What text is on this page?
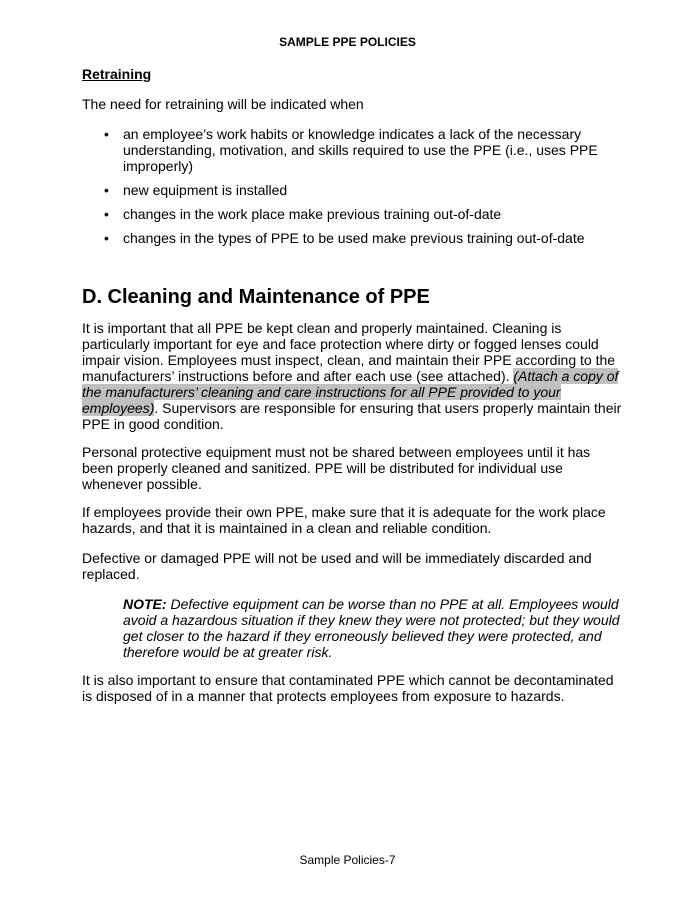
SAMPLE PPE POLICIES
Retraining

The need for retraining will be indicated when

• an employee’s work habits or knowledge indicates a lack of the necessary understanding, motivation, and skills required to use the PPE (i.e., uses PPE improperly)
• new equipment is installed
• changes in the work place make previous training out-of-date
• changes in the types of PPE to be used make previous training out-of-date
D. Cleaning and Maintenance of PPE

It is important that all PPE be kept clean and properly maintained. Cleaning is particularly important for eye and face protection where dirty or fogged lenses could impair vision. Employees must inspect, clean, and maintain their PPE according to the manufacturers’ instructions before and after each use (see attached). (Attach a copy of the manufacturers’ cleaning and care instructions for all PPE provided to your employees). Supervisors are responsible for ensuring that users properly maintain their PPE in good condition.

Personal protective equipment must not be shared between employees until it has been properly cleaned and sanitized. PPE will be distributed for individual use whenever possible.

If employees provide their own PPE, make sure that it is adequate for the work place hazards, and that it is maintained in a clean and reliable condition.

Defective or damaged PPE will not be used and will be immediately discarded and replaced.

NOTE: Defective equipment can be worse than no PPE at all. Employees would avoid a hazardous situation if they knew they were not protected; but they would get closer to the hazard if they erroneously believed they were protected, and therefore would be at greater risk.

It is also important to ensure that contaminated PPE which cannot be decontaminated is disposed of in a manner that protects employees from exposure to hazards.

Sample Policies-7
